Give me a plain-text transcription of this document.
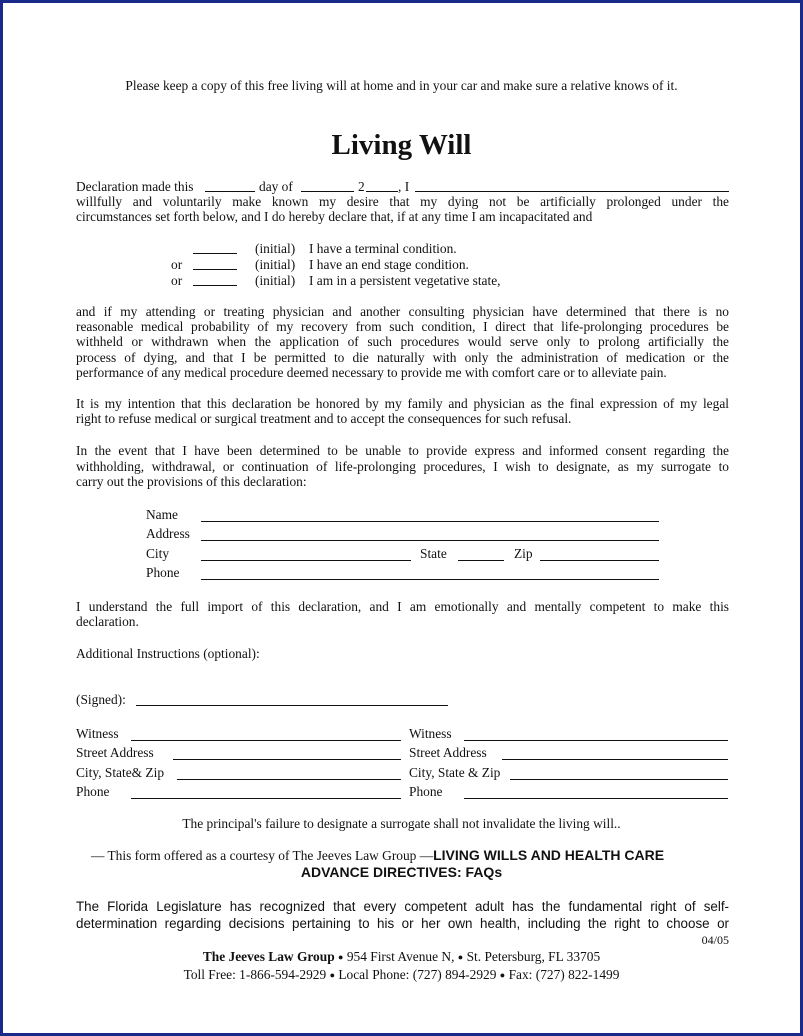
Please keep a copy of this free living will at home and in your car and make sure a relative knows of it.
Living Will
Declaration made this	day of	2 , I
willfully and voluntarily make known my desire that my dying not be artificially prolonged under the
circumstances set forth below, and I do hereby declare that, if at any time I am incapacitated and
(initial) I have a terminal condition.
or	(initial) I have an end stage condition.
or	(initial) I am in a persistent vegetative state,
and if my attending or treating physician and another consulting physician have determined that there is no
reasonable medical probability of my recovery from such condition, I direct that life-prolonging procedures be
withheld or withdrawn when the application of such procedures would serve only to prolong artificially the
process of dying, and that I be permitted to die naturally with only the administration of medication or the
performance of any medical procedure deemed necessary to provide me with comfort care or to alleviate pain.
It is my intention that this declaration be honored by my family and physician as the final expression of my legal
right to refuse medical or surgical treatment and to accept the consequences for such refusal.
In the event that I have been determined to be unable to provide express and informed consent regarding the
withholding, withdrawal, or continuation of life-prolonging procedures, I wish to designate, as my surrogate to
carry out the provisions of this declaration:
Name
Address
City	State	Zip
Phone
I understand the full import of this declaration, and I am emotionally and mentally competent to make this
declaration.
Additional Instructions (optional):
(Signed):
Witness
Street Address
City, State& Zip
Phone
Witness
Street Address
City, State & Zip
Phone
The principal's failure to designate a surrogate shall not invalidate the living will..
— This form offered as a courtesy of The Jeeves Law Group —LIVING WILLS AND HEALTH CARE
ADVANCE DIRECTIVES: FAQs
The Florida Legislature has recognized that every competent adult has the fundamental right of self-
determination regarding decisions pertaining to his or her own health, including the right to choose or
04/05
The Jeeves Law Group ● 954 First Avenue N, ● St. Petersburg, FL 33705
Toll Free: 1-866-594-2929 ● Local Phone: (727) 894-2929 ● Fax: (727) 822-1499
